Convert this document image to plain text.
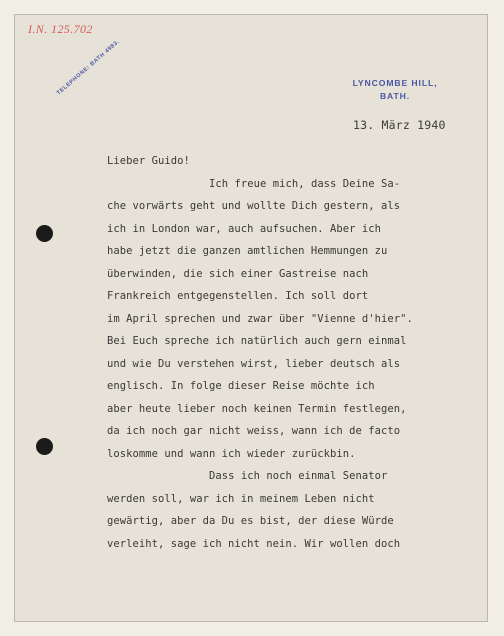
I.N. 125.702
TELEPHONE: BATH 4983.	LYNCOMBE HILL,
BATH.
13. März 1940
Lieber Guido!
Ich freue mich, dass Deine Sa-
che vorwärts geht und wollte Dich gestern, als
ich in London war, auch aufsuchen. Aber ich
habe jetzt die ganzen amtlichen Hemmungen zu
überwinden, die sich einer Gastreise nach
Frankreich entgegenstellen. Ich soll dort
im April sprechen und zwar über "Vienne d'hier".
Bei Euch spreche ich natürlich auch gern einmal
und wie Du verstehen wirst, lieber deutsch als
englisch. In folge dieser Reise möchte ich
aber heute lieber noch keinen Termin festlegen,
da ich noch gar nicht weiss, wann ich de facto
loskomme und wann ich wieder zurückbin.
Dass ich noch einmal Senator
werden soll, war ich in meinem Leben nicht
gewärtig, aber da Du es bist, der diese Würde
verleiht, sage ich nicht nein. Wir wollen doch
